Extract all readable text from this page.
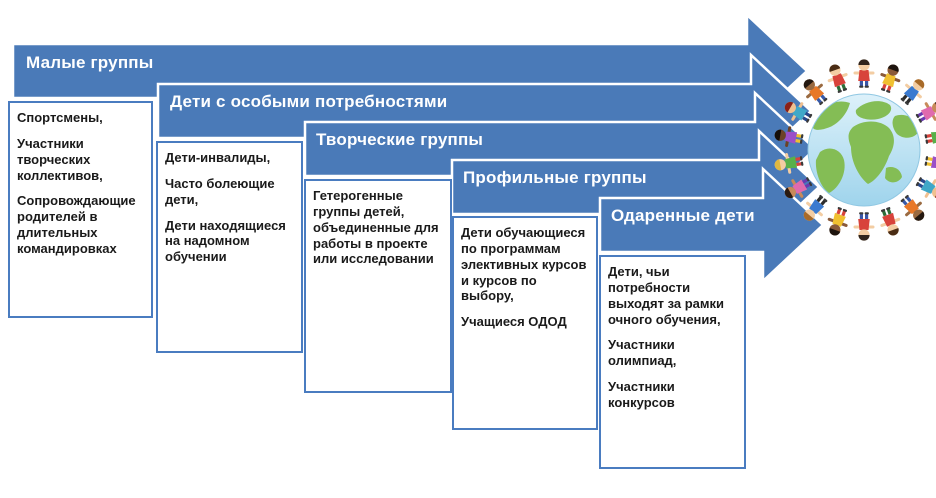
Малые группы
Дети с особыми потребностями
Творческие группы
Профильные группы
Одаренные дети

Спортсмены,

Участники творческих коллективов,

Сопровождающие родителей в длительных командировках

Дети-инвалиды,

Часто болеющие дети,

Дети находящиеся на надомном обучении

Гетерогенные группы детей, объединенные для работы в проекте или исследовании

Дети обучающиеся по программам элективных курсов и курсов по выбору,

Учащиеся ОДОД

Дети, чьи потребности выходят за рамки очного обучения,

Участники олимпиад,

Участники конкурсов
